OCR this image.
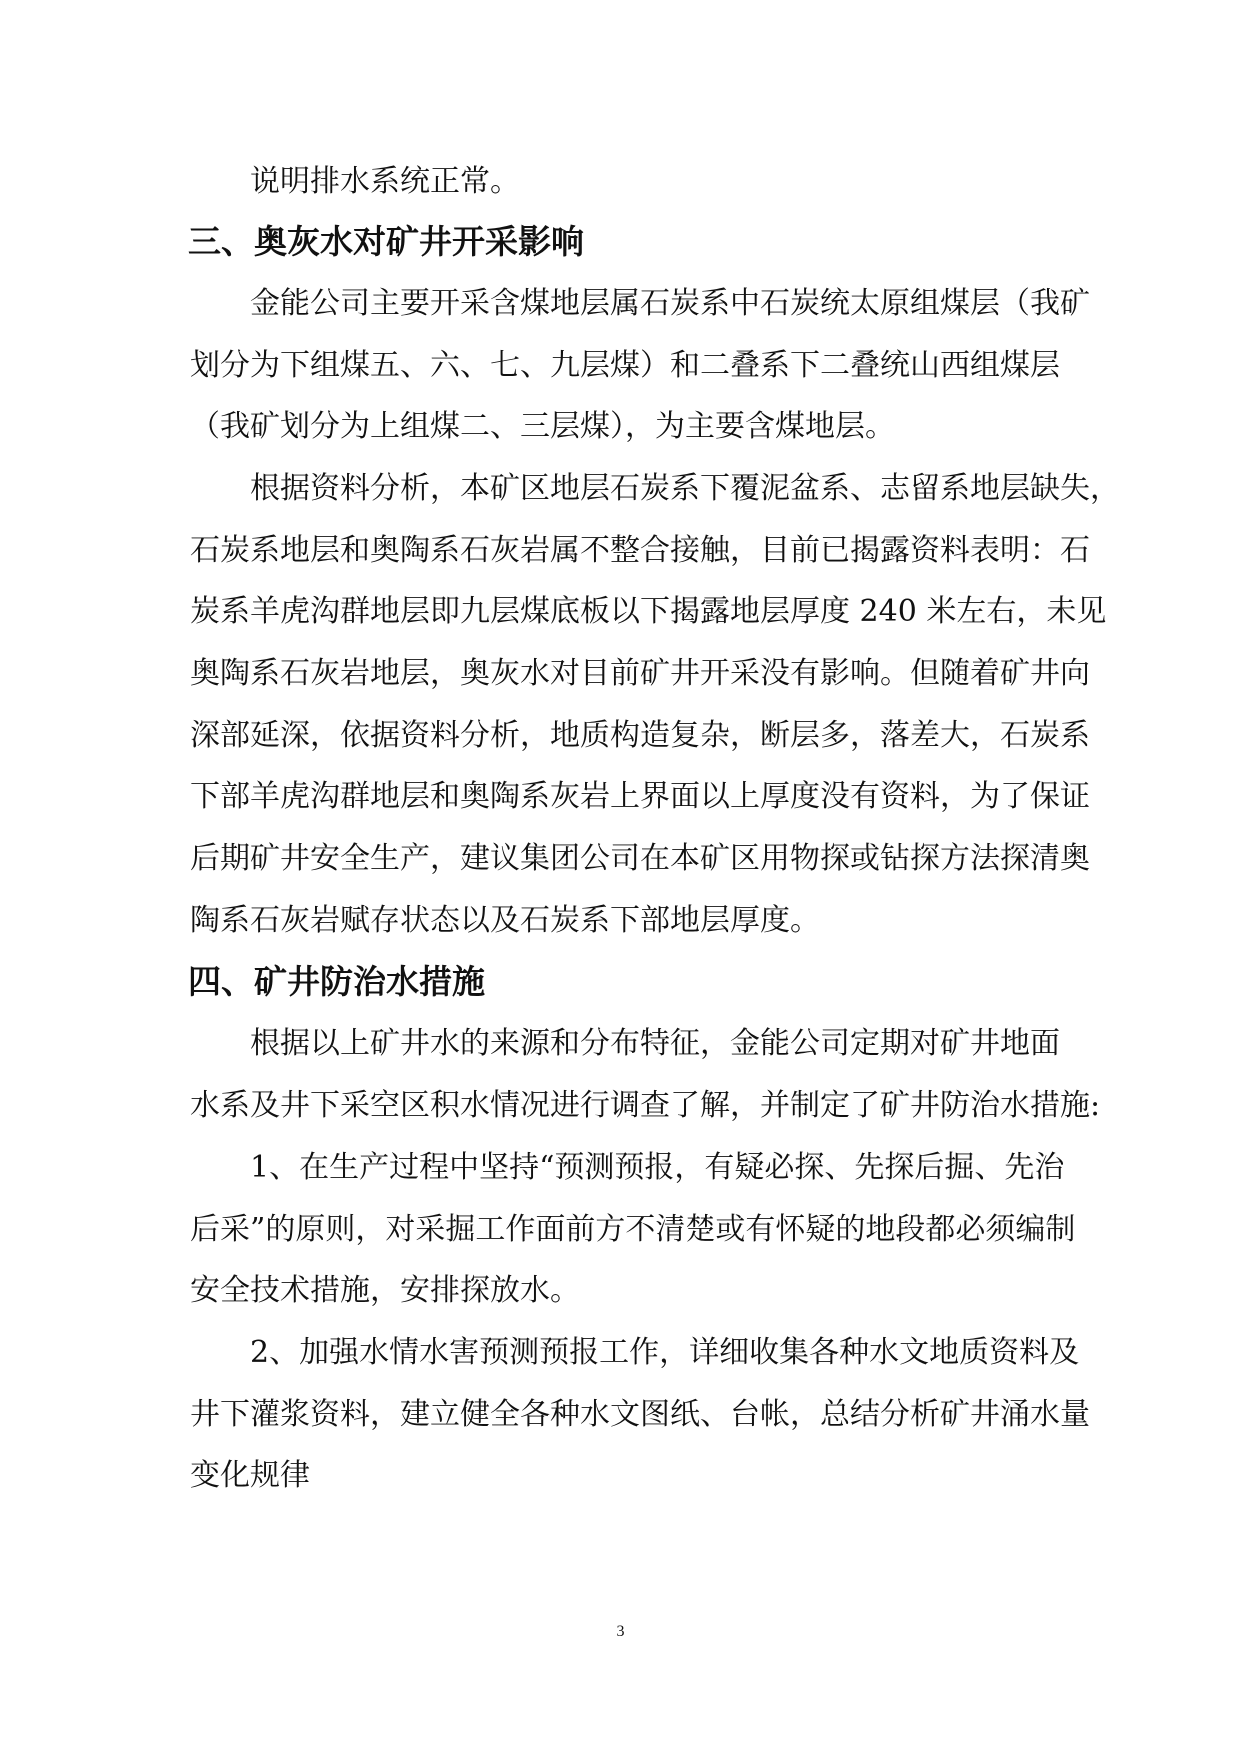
说明排水系统正常。
三、奥灰水对矿井开采影响
金能公司主要开采含煤地层属石炭系中石炭统太原组煤层（我矿
划分为下组煤五、六、七、九层煤）和二叠系下二叠统山西组煤层
（我矿划分为上组煤二、三层煤），为主要含煤地层。
根据资料分析，本矿区地层石炭系下覆泥盆系、志留系地层缺失，
石炭系地层和奥陶系石灰岩属不整合接触，目前已揭露资料表明：石
炭系羊虎沟群地层即九层煤底板以下揭露地层厚度 240 米左右，未见
奥陶系石灰岩地层，奥灰水对目前矿井开采没有影响。但随着矿井向
深部延深，依据资料分析，地质构造复杂，断层多，落差大，石炭系
下部羊虎沟群地层和奥陶系灰岩上界面以上厚度没有资料，为了保证
后期矿井安全生产，建议集团公司在本矿区用物探或钻探方法探清奥
陶系石灰岩赋存状态以及石炭系下部地层厚度。
四、矿井防治水措施
根据以上矿井水的来源和分布特征，金能公司定期对矿井地面
水系及井下采空区积水情况进行调查了解，并制定了矿井防治水措施:
1、在生产过程中坚持“预测预报，有疑必探、先探后掘、先治
后采”的原则，对采掘工作面前方不清楚或有怀疑的地段都必须编制
安全技术措施，安排探放水。
2、加强水情水害预测预报工作，详细收集各种水文地质资料及
井下灌浆资料，建立健全各种水文图纸、台帐，总结分析矿井涌水量
变化规律
3
